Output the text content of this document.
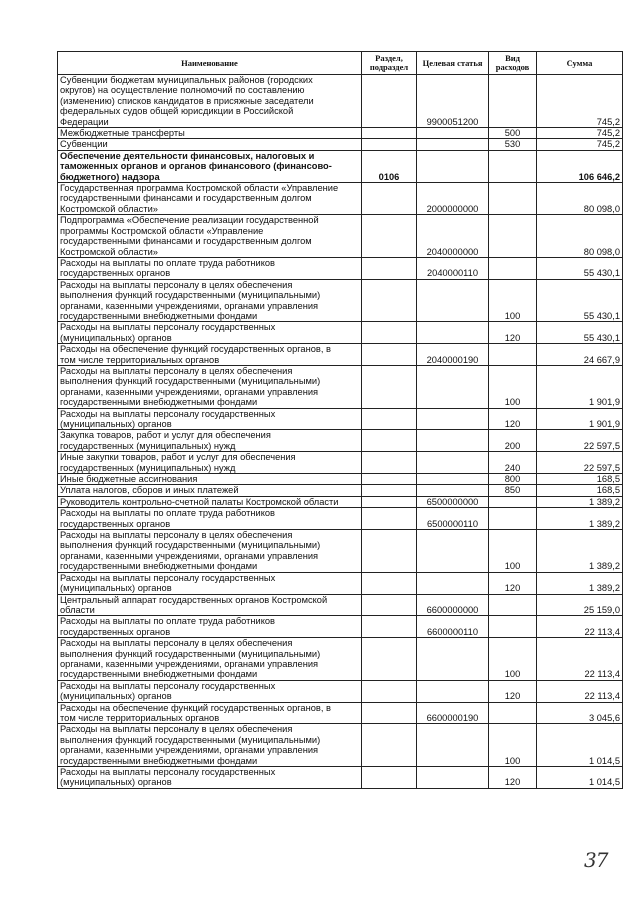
Наименование	Раздел, подраздел	Целевая статья	Вид расходов	Сумма
Субвенции бюджетам муниципальных районов (городских
округов) на осуществление полномочий по составлению
(изменению) списков кандидатов в присяжные заседатели
федеральных судов общей юрисдикции в Российской
Федерации		9900051200		745,2
Межбюджетные трансферты			500	745,2
Субвенции			530	745,2
Обеспечение деятельности финансовых, налоговых и
таможенных органов и органов финансового (финансово-
бюджетного) надзора	0106			106 646,2
Государственная программа Костромской области «Управление
государственными финансами и государственным долгом
Костромской области»		2000000000		80 098,0
Подпрограмма «Обеспечение реализации государственной
программы Костромской области «Управление
государственными финансами и государственным долгом
Костромской области»		2040000000		80 098,0
Расходы на выплаты по оплате труда работников
государственных органов		2040000110		55 430,1
Расходы на выплаты персоналу в целях обеспечения
выполнения функций государственными (муниципальными)
органами, казенными учреждениями, органами управления
государственными внебюджетными фондами			100	55 430,1
Расходы на выплаты персоналу государственных
(муниципальных) органов			120	55 430,1
Расходы на обеспечение функций государственных органов, в
том числе территориальных органов		2040000190		24 667,9
Расходы на выплаты персоналу в целях обеспечения
выполнения функций государственными (муниципальными)
органами, казенными учреждениями, органами управления
государственными внебюджетными фондами			100	1 901,9
Расходы на выплаты персоналу государственных
(муниципальных) органов			120	1 901,9
Закупка товаров, работ и услуг для обеспечения
государственных (муниципальных) нужд			200	22 597,5
Иные закупки товаров, работ и услуг для обеспечения
государственных (муниципальных) нужд			240	22 597,5
Иные бюджетные ассигнования			800	168,5
Уплата налогов, сборов и иных платежей			850	168,5
Руководитель контрольно-счетной палаты Костромской области		6500000000		1 389,2
Расходы на выплаты по оплате труда работников
государственных органов		6500000110		1 389,2
Расходы на выплаты персоналу в целях обеспечения
выполнения функций государственными (муниципальными)
органами, казенными учреждениями, органами управления
государственными внебюджетными фондами			100	1 389,2
Расходы на выплаты персоналу государственных
(муниципальных) органов			120	1 389,2
Центральный аппарат государственных органов Костромской
области		6600000000		25 159,0
Расходы на выплаты по оплате труда работников
государственных органов		6600000110		22 113,4
Расходы на выплаты персоналу в целях обеспечения
выполнения функций государственными (муниципальными)
органами, казенными учреждениями, органами управления
государственными внебюджетными фондами			100	22 113,4
Расходы на выплаты персоналу государственных
(муниципальных) органов			120	22 113,4
Расходы на обеспечение функций государственных органов, в
том числе территориальных органов		6600000190		3 045,6
Расходы на выплаты персоналу в целях обеспечения
выполнения функций государственными (муниципальными)
органами, казенными учреждениями, органами управления
государственными внебюджетными фондами			100	1 014,5
Расходы на выплаты персоналу государственных
(муниципальных) органов			120	1 014,5
37
